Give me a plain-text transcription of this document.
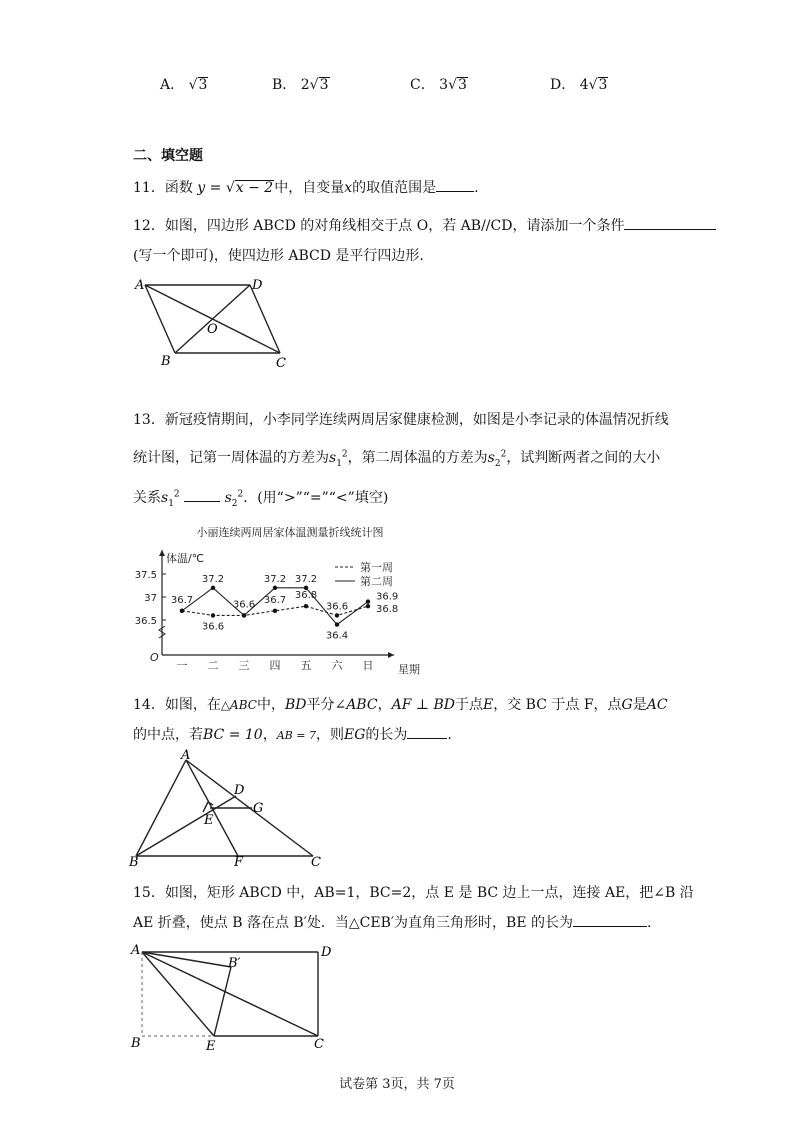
A． √3	B． 2√3	C． 3√3	D． 4√3
二、填空题
11．函数 y = √x − 2中，自变量x的取值范围是	.
12．如图，四边形 ABCD 的对角线相交于点 O，若 AB//CD，请添加一个条件
(写一个即可)，使四边形 ABCD 是平行四边形.
A	D
B	C
O
13．新冠疫情期间，小李同学连续两周居家健康检测，如图是小李记录的体温情况折线
统计图，记第一周体温的方差为$s_1^2$，第二周体温的方差为$s_2^2$，试判断两者之间的大小
关系$s_1^2$	$s_2^2$．(用“>”“=”“<”填空)
小丽连续两周居家体温测量折线统计图
体温/℃
星期
O
37.5
37
36.5
一 二 三 四 五 六 日
36.7
36.6
36.6 36.7 36.8
36.6	36.8
37.2	37.2 37.2
36.4
36.9
第一周
第二周
14．如图，在△ABC中，BD平分∠ABC，AF ⊥ BD于点E，交 BC 于点 F，点G是AC
的中点，若BC = 10，AB = 7，则EG的长为	.
A
B	C
D
E
F
G
15．如图，矩形 ABCD 中，AB=1，BC=2，点 E 是 BC 边上一点，连接 AE，把∠B 沿
AE 折叠，使点 B 落在点 B′处．当△CEB′为直角三角形时，BE 的长为	.
A	D
B	E	C
B′
试卷第 3页，共 7页
